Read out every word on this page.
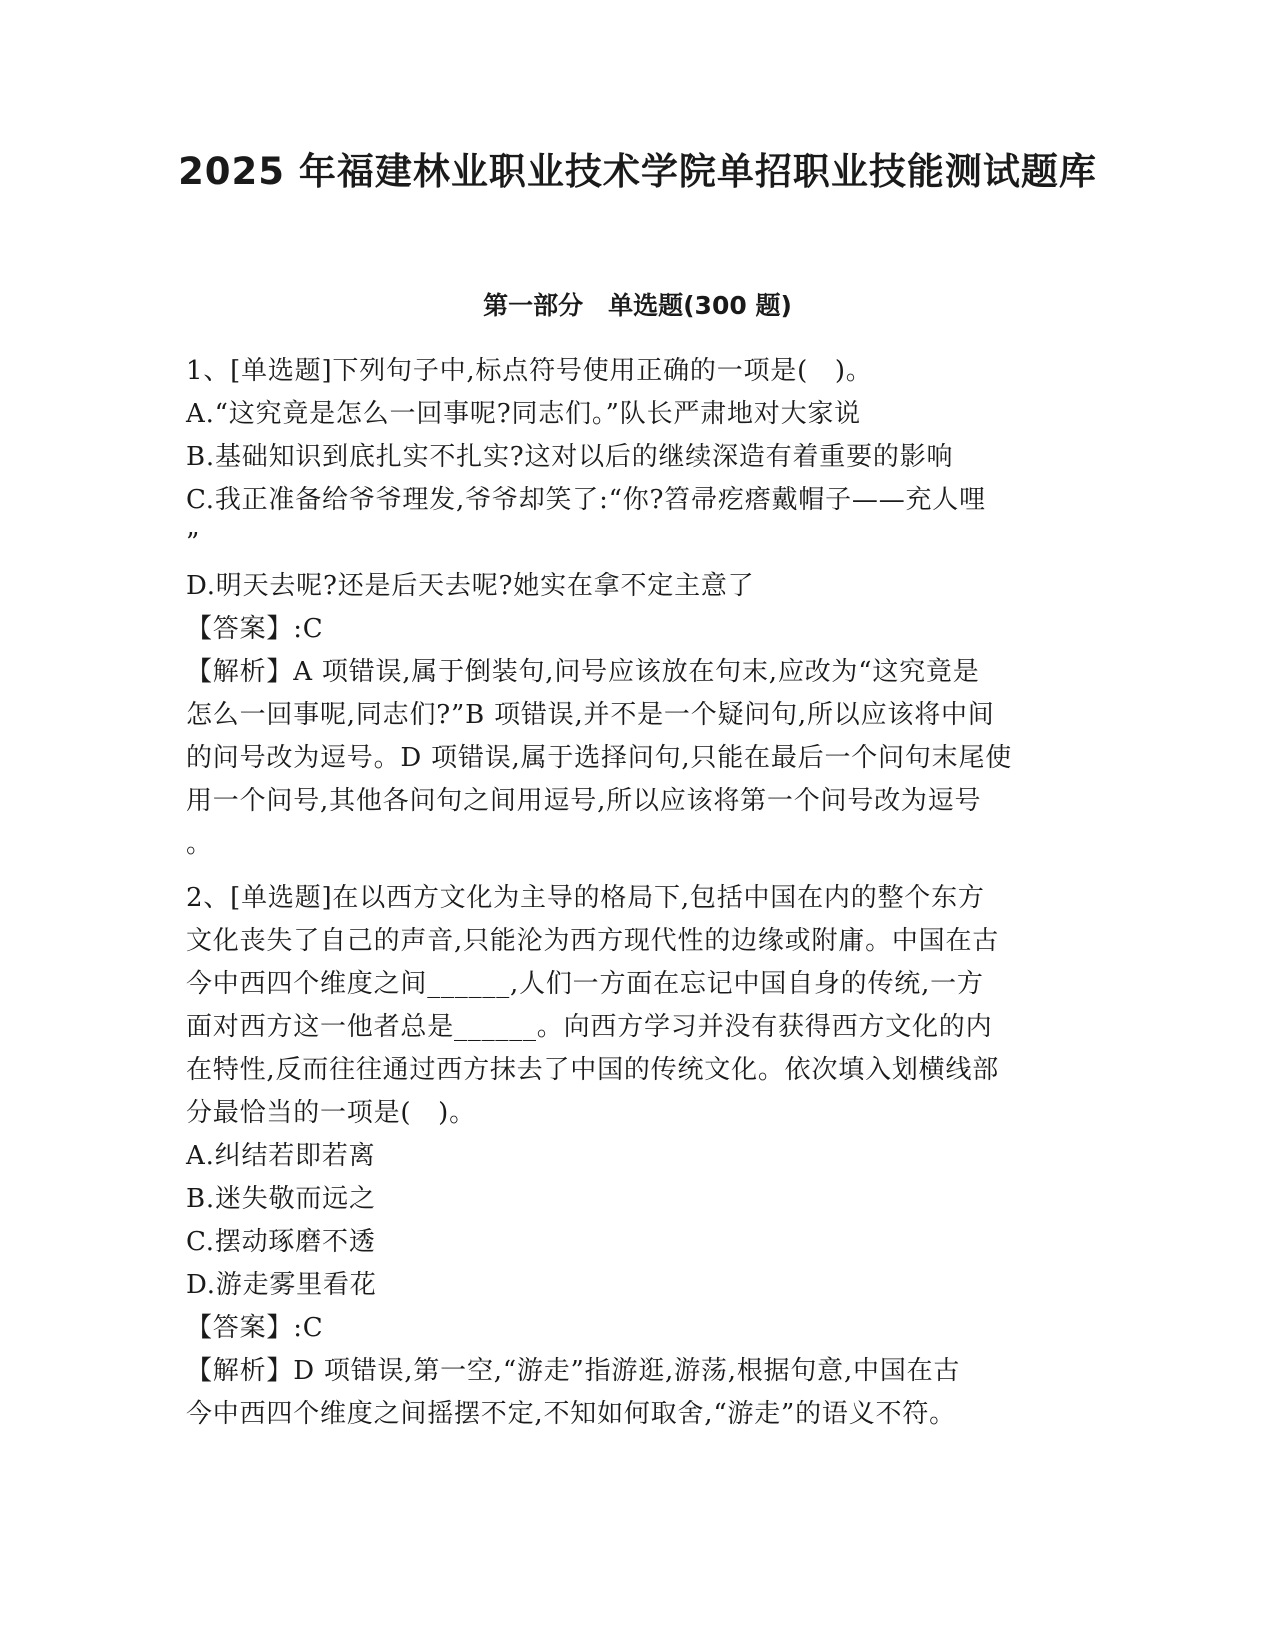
2025 年福建林业职业技术学院单招职业技能测试题库
第一部分　单选题(300 题)
1、[单选题]下列句子中,标点符号使用正确的一项是(　)。
A.“这究竟是怎么一回事呢?同志们。”队长严肃地对大家说
B.基础知识到底扎实不扎实?这对以后的继续深造有着重要的影响
C.我正准备给爷爷理发,爷爷却笑了:“你?笤帚疙瘩戴帽子——充人哩
”
D.明天去呢?还是后天去呢?她实在拿不定主意了
【答案】:C
【解析】A 项错误,属于倒装句,问号应该放在句末,应改为“这究竟是
怎么一回事呢,同志们?”B 项错误,并不是一个疑问句,所以应该将中间
的问号改为逗号。D 项错误,属于选择问句,只能在最后一个问句末尾使
用一个问号,其他各问句之间用逗号,所以应该将第一个问号改为逗号
。
2、[单选题]在以西方文化为主导的格局下,包括中国在内的整个东方
文化丧失了自己的声音,只能沦为西方现代性的边缘或附庸。中国在古
今中西四个维度之间______,人们一方面在忘记中国自身的传统,一方
面对西方这一他者总是______。向西方学习并没有获得西方文化的内
在特性,反而往往通过西方抹去了中国的传统文化。依次填入划横线部
分最恰当的一项是(　)。
A.纠结若即若离
B.迷失敬而远之
C.摆动琢磨不透
D.游走雾里看花
【答案】:C
【解析】D 项错误,第一空,“游走”指游逛,游荡,根据句意,中国在古
今中西四个维度之间摇摆不定,不知如何取舍,“游走”的语义不符。
